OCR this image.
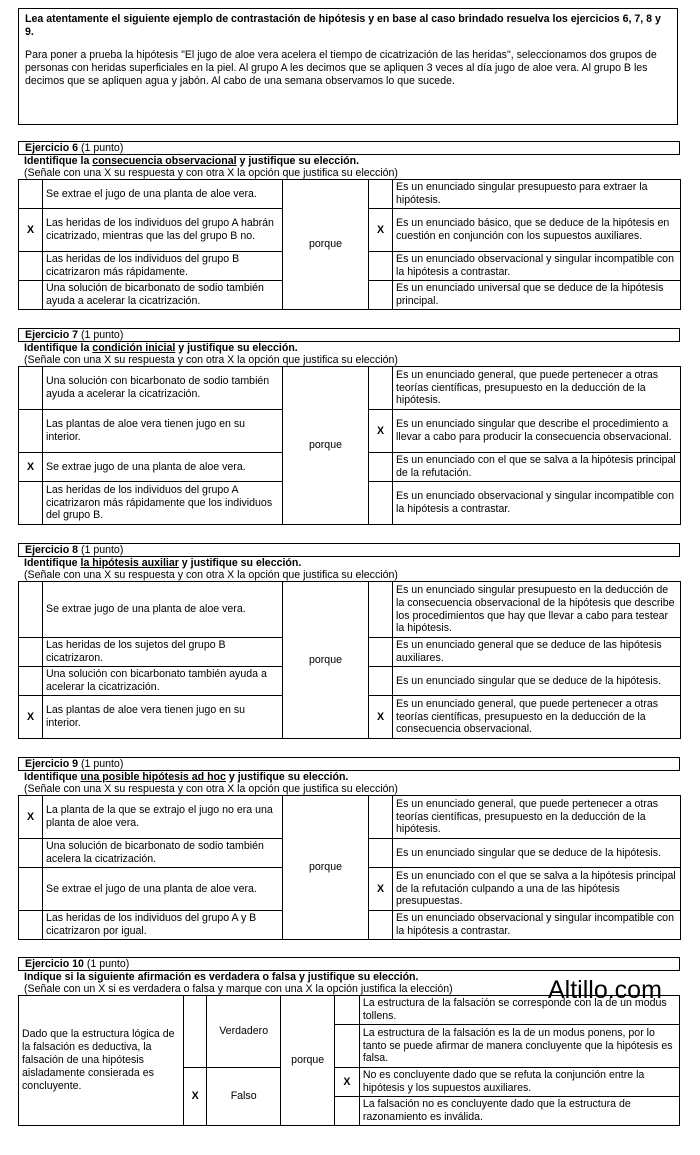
Lea atentamente el siguiente ejemplo de contrastación de hipótesis y en base al caso brindado resuelva los ejercicios 6, 7, 8 y 9.

Para poner a prueba la hipótesis "El jugo de aloe vera acelera el tiempo de cicatrización de las heridas", seleccionamos dos grupos de personas con heridas superficiales en la piel. Al grupo A les decimos que se apliquen 3 veces al día jugo de aloe vera. Al grupo B les decimos que se apliquen agua y jabón. Al cabo de una semana observamos lo que sucede.

Ejercicio 6 (1 punto)
Identifique la consecuencia observacional y justifique su elección.
(Señale con una X su respuesta y con otra X la opción que justifica su elección)
	Se extrae el jugo de una planta de aloe vera.	porque		Es un enunciado singular presupuesto para extraer la hipótesis.
X	Las heridas de los individuos del grupo A habrán cicatrizado, mientras que las del grupo B no.		X	Es un enunciado básico, que se deduce de la hipótesis en cuestión en conjunción con los supuestos auxiliares.
	Las heridas de los individuos del grupo B cicatrizaron más rápidamente.			Es un enunciado observacional y singular incompatible con la hipótesis a contrastar.
	Una solución de bicarbonato de sodio también ayuda a acelerar la cicatrización.			Es un enunciado universal que se deduce de la hipótesis principal.
Ejercicio 7 (1 punto)
Identifique la condición inicial y justifique su elección.
(Señale con una X su respuesta y con otra X la opción que justifica su elección)
	Una solución con bicarbonato de sodio también ayuda a acelerar la cicatrización.	porque		Es un enunciado general, que puede pertenecer a otras teorías científicas, presupuesto en la deducción de la hipótesis.
	Las plantas de aloe vera tienen jugo en su interior.		X	Es un enunciado singular que describe el procedimiento a llevar a cabo para producir la consecuencia observacional.
X	Se extrae jugo de una planta de aloe vera.			Es un enunciado con el que se salva a la hipótesis principal de la refutación.
	Las heridas de los individuos del grupo A cicatrizaron más rápidamente que los individuos del grupo B.			Es un enunciado observacional y singular incompatible con la hipótesis a contrastar.
Ejercicio 8 (1 punto)
Identifique la hipótesis auxiliar y justifique su elección.
(Señale con una X su respuesta y con otra X la opción que justifica su elección)
	Se extrae jugo de una planta de aloe vera.	porque		Es un enunciado singular presupuesto en la deducción de la consecuencia observacional de la hipótesis que describe los procedimientos que hay que llevar a cabo para testear la hipótesis.
	Las heridas de los sujetos del grupo B cicatrizaron.			Es un enunciado general que se deduce de las hipótesis auxiliares.
	Una solución con bicarbonato también ayuda a acelerar la cicatrización.			Es un enunciado singular que se deduce de la hipótesis.
X	Las plantas de aloe vera tienen jugo en su interior.		X	Es un enunciado general, que puede pertenecer a otras teorías científicas, presupuesto en la deducción de la consecuencia observacional.
Ejercicio 9 (1 punto)
Identifique una posible hipótesis ad hoc y justifique su elección.
(Señale con una X su respuesta y con otra X la opción que justifica su elección)
X	La planta de la que se extrajo el jugo no era una planta de aloe vera.	porque		Es un enunciado general, que puede pertenecer a otras teorías científicas, presupuesto en la deducción de la hipótesis.
	Una solución de bicarbonato de sodio también acelera la cicatrización.			Es un enunciado singular que se deduce de la hipótesis.
	Se extrae el jugo de una planta de aloe vera.		X	Es un enunciado con el que se salva a la hipótesis principal de la refutación culpando a una de las hipótesis presupuestas.
	Las heridas de los individuos del grupo A y B cicatrizaron por igual.			Es un enunciado observacional y singular incompatible con la hipótesis a contrastar.
Ejercicio 10 (1 punto)
Indique si la siguiente afirmación es verdadera o falsa y justifique su elección.
(Señale con un X si es verdadera o falsa y marque con una X la opción justifica la elección)
Dado que la estructura lógica de la falsación es deductiva, la falsación de una hipótesis aisladamente consierada es concluyente.		Verdadero	porque		La estructura de la falsación se corresponde con la de un modus tollens.
					La estructura de la falsación es la de un modus ponens, por lo tanto se puede afirmar de manera concluyente que la hipótesis es falsa.
	X	Falso		X	No es concluyente dado que se refuta la conjunción entre la hipótesis y los supuestos auxiliares.
					La falsación no es concluyente dado que la estructura de razonamiento es inválida.
Altillo.com
